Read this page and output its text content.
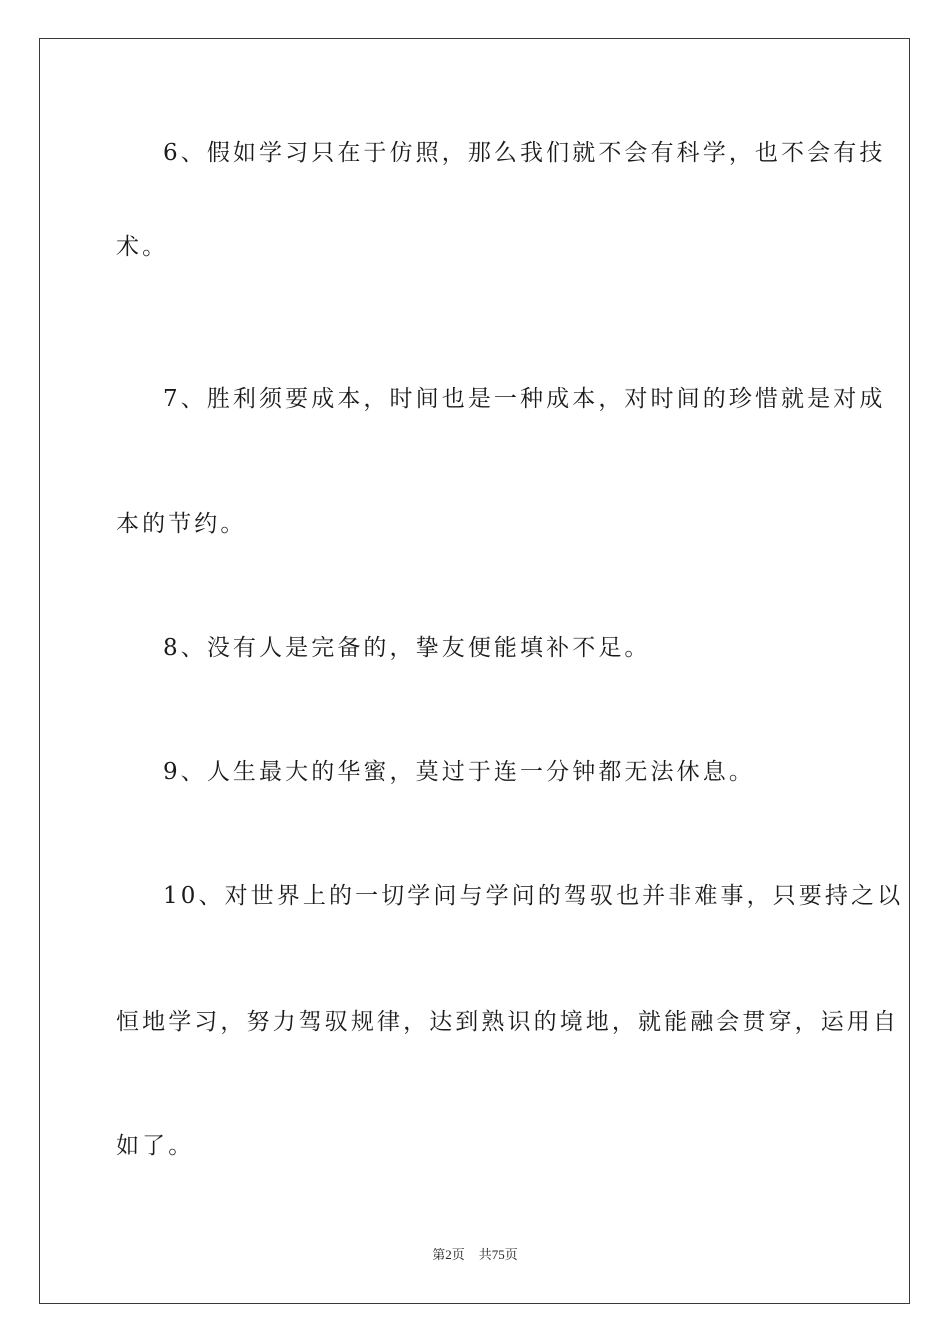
6、假如学习只在于仿照，那么我们就不会有科学，也不会有技
术。
7、胜利须要成本，时间也是一种成本，对时间的珍惜就是对成
本的节约。
8、没有人是完备的，挚友便能填补不足。
9、人生最大的华蜜，莫过于连一分钟都无法休息。
10、对世界上的一切学问与学问的驾驭也并非难事，只要持之以
恒地学习，努力驾驭规律，达到熟识的境地，就能融会贯穿，运用自
如了。
第2页 共75页
